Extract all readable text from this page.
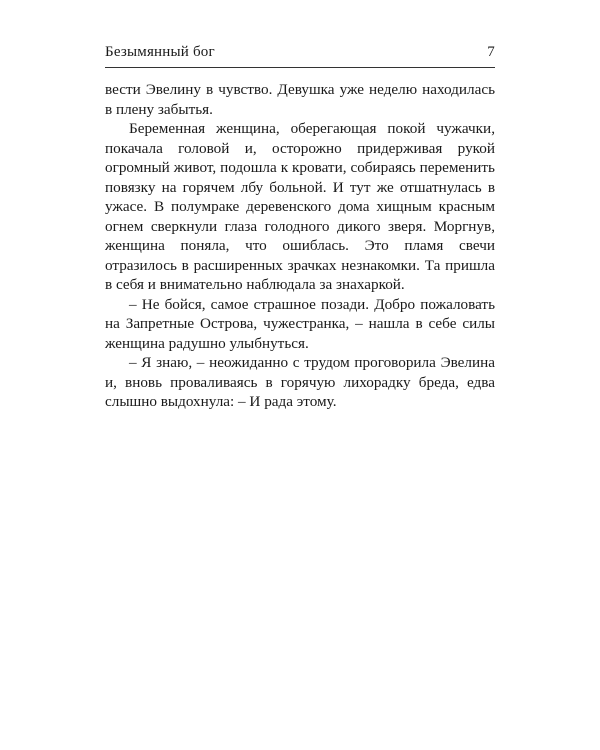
Безымянный бог	7

вести Эвелину в чувство. Девушка уже неделю находилась в плену забытья.

Беременная женщина, оберегающая покой чужачки, покачала головой и, осторожно придерживая рукой огромный живот, подошла к кровати, собираясь переменить повязку на горячем лбу больной. И тут же отшатнулась в ужасе. В полумраке деревенского дома хищным красным огнем сверкнули глаза голодного дикого зверя. Моргнув, женщина поняла, что ошиблась. Это пламя свечи отразилось в расширенных зрачках незнакомки. Та пришла в себя и внимательно наблюдала за знахаркой.

– Не бойся, самое страшное позади. Добро пожаловать на Запретные Острова, чужестранка, – нашла в себе силы женщина радушно улыбнуться.

– Я знаю, – неожиданно с трудом проговорила Эвелина и, вновь проваливаясь в горячую лихорадку бреда, едва слышно выдохнула: – И рада этому.
